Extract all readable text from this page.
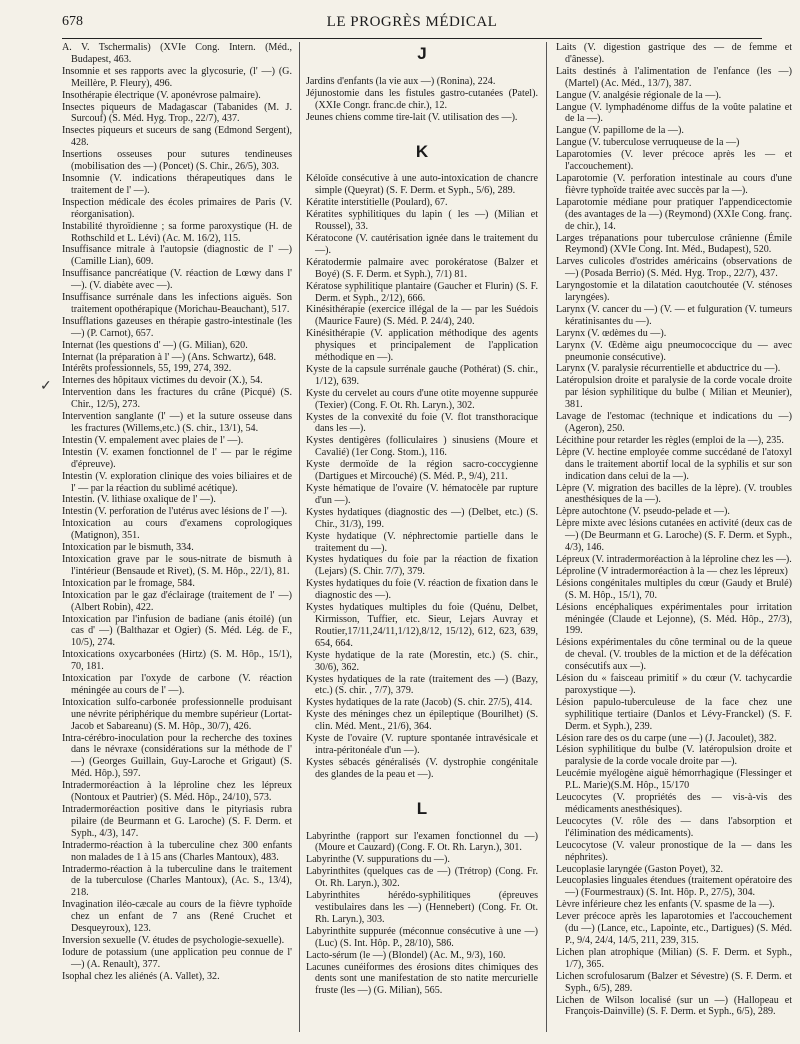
678	LE PROGRÈS MÉDICAL
✓

A. V. Tschermalis) (XVIe Cong. Intern. (Méd., Budapest, 463.

Insomnie et ses rapports avec la glycosurie, (l' —) (G. Meillère, P. Fleury), 496.

Insothérapie électrique (V. aponévrose palmaire).

Insectes piqueurs de Madagascar (Tabanides (M. J. Surcouf) (S. Méd. Hyg. Trop., 22/7), 437.

Insectes piqueurs et suceurs de sang (Edmond Sergent), 428.

Insertions osseuses pour sutures tendineuses (mobilisation des —) (Poncet) (S. Chir., 26/5), 303.

Insomnie (V. indications thérapeutiques dans le traitement de l' —).

Inspection médicale des écoles primaires de Paris (V. réorganisation).

Instabilité thyroïdienne ; sa forme paroxystique (H. de Rothschild et L. Lévi) (Ac. M. 16/2), 115.

Insuffisance mitrale à l'autopsie (diagnostic de l' —) (Camille Lian), 609.

Insuffisance pancréatique (V. réaction de Lœwy dans l' —). (V. diabète avec —).

Insuffisance surrénale dans les infections aiguës. Son traitement opothérapique (Morichau-Beauchant), 517.

Insufflations gazeuses en thérapie gastro-intestinale (les—) (P. Carnot), 657.

Internat (les questions d' —) (G. Milian), 620.

Internat (la préparation à l' —) (Ans. Schwartz), 648.

Intérêts professionnels, 55, 199, 274, 392.

Internes des hôpitaux victimes du devoir (X.), 54.

Intervention dans les fractures du crâne (Picqué) (S. Chir., 12/5), 273.

Intervention sanglante (l' —) et la suture osseuse dans les fractures (Willems,etc.) (S. chir., 13/1), 54.

Intestin (V. empalement avec plaies de l' —).

Intestin (V. examen fonctionnel de l' — par le régime d'épreuve).

Intestin (V. exploration clinique des voies biliaires et de l' — par la réaction du sublimé acétique).

Intestin. (V. lithiase oxalique de l' —).

Intestin (V. perforation de l'utérus avec lésions de l' —).

Intoxication au cours d'examens coprologiques (Matignon), 351.

Intoxication par le bismuth, 334.

Intoxication grave par le sous-nitrate de bismuth à l'intérieur (Bensaude et Rivet), (S. M. Hôp., 22/1), 81.

Intoxication par le fromage, 584.

Intoxication par le gaz d'éclairage (traitement de l' —) (Albert Robin), 422.

Intoxication par l'infusion de badiane (anis étoilé) (un cas d' —) (Balthazar et Ogier) (S. Méd. Lég. de F., 10/5), 274.

Intoxications oxycarbonées (Hirtz) (S. M. Hôp., 15/1), 70, 181.

Intoxication par l'oxyde de carbone (V. réaction méningée au cours de l' —).

Intoxication sulfo-carbonée professionnelle produisant une névrite périphérique du membre supérieur (Lortat-Jacob et Sabareanu) (S. M. Hôp., 30/7), 426.

Intra-cérébro-inoculation pour la recherche des toxines dans le névraxe (considérations sur la méthode de l' —) (Georges Guillain, Guy-Laroche et Grigaut) (S. Méd. Hôp.), 597.

Intradermoréaction à la léproline chez les lépreux (Nontoux et Pautrier) (S. Méd. Hôp., 24/10), 573.

Intradermoréaction positive dans le pityriasis rubra pilaire (de Beurmann et G. Laroche) (S. F. Derm. et Syph., 4/3), 147.

Intradermo-réaction à la tuberculine chez 300 enfants non malades de 1 à 15 ans (Charles Mantoux), 483.

Intradermo-réaction à la tuberculine dans le traitement de la tuberculose (Charles Mantoux), (Ac. S., 13/4), 218.

Invagination iléo-cæcale au cours de la fièvre typhoïde chez un enfant de 7 ans (René Cruchet et Desqueyroux), 123.

Inversion sexuelle (V. études de psychologie-sexuelle).

Iodure de potassium (une application peu connue de l' —) (A. Renault), 377.

Isophal chez les aliénés (A. Vallet), 32.

J

Jardins d'enfants (la vie aux —) (Ronina), 224.

Jéjunostomie dans les fistules gastro-cutanées (Patel). (XXIe Congr. franc.de chir.), 12.

Jeunes chiens comme tire-lait (V. utilisation des —).

K

Kéloïde consécutive à une auto-intoxication de chancre simple (Queyrat) (S. F. Derm. et Syph., 5/6), 289.

Kératite interstitielle (Poulard), 67.

Kératites syphilitiques du lapin ( les —) (Milian et Roussel), 33.

Kératocone (V. cautérisation ignée dans le traitement du —).

Kératodermie palmaire avec porokératose (Balzer et Boyé) (S. F. Derm. et Syph.), 7/1) 81.

Kératose syphilitique plantaire (Gaucher et Flurin) (S. F. Derm. et Syph., 2/12), 666.

Kinésithérapie (exercice illégal de la — par les Suédois (Maurice Faure) (S. Méd. P. 24/4), 240.

Kinésithérapie (V. application méthodique des agents physiques et principalement de l'application méthodique en —).

Kyste de la capsule surrénale gauche (Pothérat) (S. chir., 1/12), 639.

Kyste du cervelet au cours d'une otite moyenne suppurée (Texier) (Cong. F. Ot. Rh. Laryn.), 302.

Kystes de la convexité du foie (V. flot transthoracique dans les —).

Kystes dentigères (folliculaires ) sinusiens (Moure et Cavalié) (1er Cong. Stom.), 116.

Kyste dermoïde de la région sacro-coccygienne (Dartigues et Mircouché) (S. Méd. P., 9/4), 211.

Kyste hématique de l'ovaire (V. hématocèle par rupture d'un —).

Kystes hydatiques (diagnostic des —) (Delbet, etc.) (S. Chir., 31/3), 199.

Kyste hydatique (V. néphrectomie partielle dans le traitement du —).

Kystes hydatiques du foie par la réaction de fixation (Lejars) (S. Chir. 7/7), 379.

Kystes hydatiques du foie (V. réaction de fixation dans le diagnostic des —).

Kystes hydatiques multiples du foie (Quénu, Delbet, Kirmisson, Tuffier, etc. Sieur, Lejars Auvray et Routier,17/11,24/11,1/12),8/12, 15/12), 612, 623, 639, 654, 664.

Kyste hydatique de la rate (Morestin, etc.) (S. chir., 30/6), 362.

Kystes hydatiques de la rate (traitement des —) (Bazy, etc.) (S. chir. , 7/7), 379.

Kystes hydatiques de la rate (Jacob) (S. chir. 27/5), 414.

Kyste des méninges chez un épileptique (Bourilhet) (S. clin. Méd. Ment., 21/6), 364.

Kyste de l'ovaire (V. rupture spontanée intravésicale et intra-péritonéale d'un —).

Kystes sébacés généralisés (V. dystrophie congénitale des glandes de la peau et —).

L

Labyrinthe (rapport sur l'examen fonctionnel du —) (Moure et Cauzard) (Cong. F. Ot. Rh. Laryn.), 301.

Labyrinthe (V. suppurations du —).

Labyrinthites (quelques cas de —) (Trétrop) (Cong. Fr. Ot. Rh. Laryn.), 302.

Labyrinthites hérédo-syphilitiques (épreuves vestibulaires dans les —) (Hennebert) (Cong. Fr. Ot. Rh. Laryn.), 303.

Labyrinthite suppurée (méconnue consécutive à une —) (Luc) (S. Int. Hôp. P., 28/10), 586.

Lacto-sérum (le —) (Blondel) (Ac. M., 9/3), 160.

Lacunes cunéiformes des érosions dites chimiques des dents sont une manifestation de sto natite mercurielle fruste (les —) (G. Milian), 565.

Laits (V. digestion gastrique des — de femme et d'ânesse).

Laits destinés à l'alimentation de l'enfance (les —) (Martel) (Ac. Méd., 13/7), 387.

Langue (V. analgésie régionale de la —).

Langue (V. lymphadénome diffus de la voûte palatine et de la —).

Langue (V. papillome de la —).

Langue (V. tuberculose verruqueuse de la —)

Laparotomies (V. lever précoce après les — et l'accouchement).

Laparotomie (V. perforation intestinale au cours d'une fièvre typhoïde traitée avec succès par la —).

Laparotomie médiane pour pratiquer l'appendicectomie (des avantages de la —) (Reymond) (XXIe Cong. franç. de chir.), 14.

Larges trépanations pour tuberculose crânienne (Émile Reymond) (XVIe Cong. Int. Méd., Budapest), 520.

Larves culicoles d'ostrides américains (observations de —) (Posada Berrio) (S. Méd. Hyg. Trop., 22/7), 437.

Laryngostomie et la dilatation caoutchoutée (V. sténoses laryngées).

Larynx (V. cancer du —) (V. — et fulguration (V. tumeurs kératinisantes du —).

Larynx (V. œdèmes du —).

Larynx (V. Œdème aigu pneumococcique du — avec pneumonie consécutive).

Larynx (V. paralysie récurrentielle et abductrice du —).

Latéropulsion droite et paralysie de la corde vocale droite par lésion syphilitique du bulbe ( Milian et Meunier), 381.

Lavage de l'estomac (technique et indications du —) (Ageron), 250.

Lécithine pour retarder les règles (emploi de la —), 235.

Lèpre (V. hectine employée comme succédané de l'atoxyl dans le traitement abortif local de la syphilis et sur son indication dans celui de la —).

Lèpre (V. migration des bacilles de la lèpre). (V. troubles anesthésiques de la —).

Lèpre autochtone (V. pseudo-pelade et —).

Lèpre mixte avec lésions cutanées en activité (deux cas de —) (De Beurmann et G. Laroche) (S. F. Derm. et Syph., 4/3), 146.

Lépreux (V. intradermoréaction à la léproline chez les —).

Léproline (V intradermoréaction à la — chez les lépreux)

Lésions congénitales multiples du cœur (Gaudy et Brulé) (S. M. Hôp., 15/1), 70.

Lésions encéphaliques expérimentales pour irritation méningée (Claude et Lejonne), (S. Méd. Hôp., 27/3), 199.

Lésions expérimentales du cône terminal ou de la queue de cheval. (V. troubles de la miction et de la défécation consécutifs aux —).

Lésion du « faisceau primitif » du cœur (V. tachycardie paroxystique —).

Lésion papulo-tuberculeuse de la face chez une syphilitique tertiaire (Danlos et Lévy-Franckel) (S. F. Derm. et Syph.), 239.

Lésion rare des os du carpe (une —) (J. Jacoulet), 382.

Lésion syphilitique du bulbe (V. latéropulsion droite et paralysie de la corde vocale droite par —).

Leucémie myélogène aiguë hémorrhagique (Flessinger et P.L. Marie)(S.M. Hôp., 15/170

Leucocytes (V. propriétés des — vis-à-vis des médicaments anesthésiques).

Leucocytes (V. rôle des — dans l'absorption et l'élimination des médicaments).

Leucocytose (V. valeur pronostique de la — dans les néphrites).

Leucoplasie laryngée (Gaston Poyet), 32.

Leucoplasies linguales étendues (traitement opératoire des —) (Fourmestraux) (S. Int. Hôp. P., 27/5), 304.

Lèvre inférieure chez les enfants (V. spasme de la —).

Lever précoce après les laparotomies et l'accouchement (du —) (Lance, etc., Lapointe, etc., Dartigues) (S. Méd. P., 9/4, 24/4, 14/5, 211, 239, 315.

Lichen plan atrophique (Milian) (S. F. Derm. et Syph., 1/7), 365.

Lichen scrofulosarum (Balzer et Sévestre) (S. F. Derm. et Syph., 6/5), 289.

Lichen de Wilson localisé (sur un —) (Hallopeau et François-Dainville) (S. F. Derm. et Syph., 6/5), 289.
